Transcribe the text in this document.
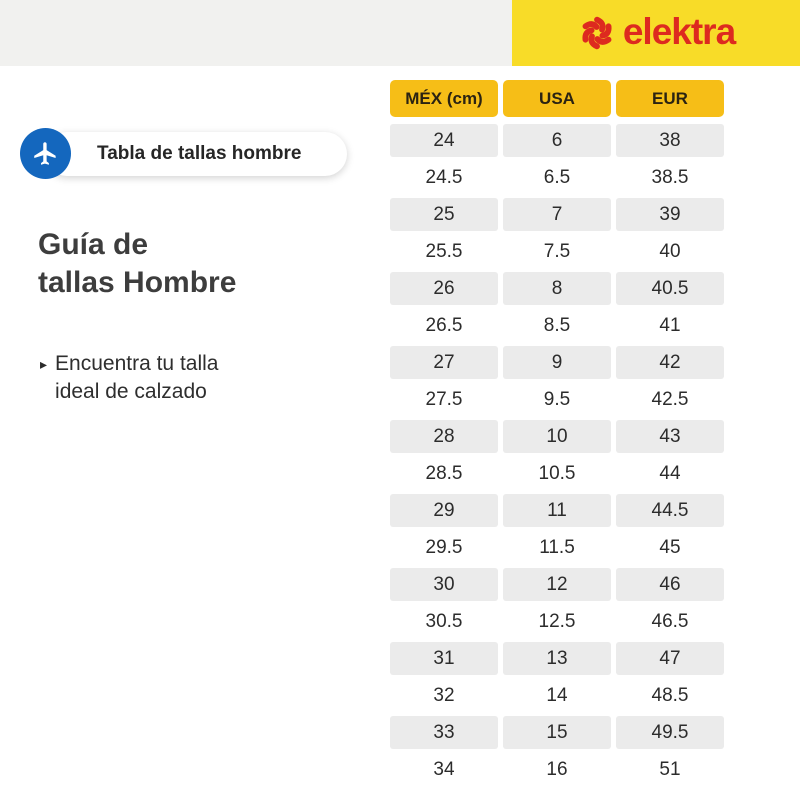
elektra
Tabla de tallas hombre
Guía de
tallas Hombre
▸ Encuentra tu talla
ideal de calzado
MÉX (cm)	USA	EUR
24	6	38
24.5	6.5	38.5
25	7	39
25.5	7.5	40
26	8	40.5
26.5	8.5	41
27	9	42
27.5	9.5	42.5
28	10	43
28.5	10.5	44
29	11	44.5
29.5	11.5	45
30	12	46
30.5	12.5	46.5
31	13	47
32	14	48.5
33	15	49.5
34	16	51
